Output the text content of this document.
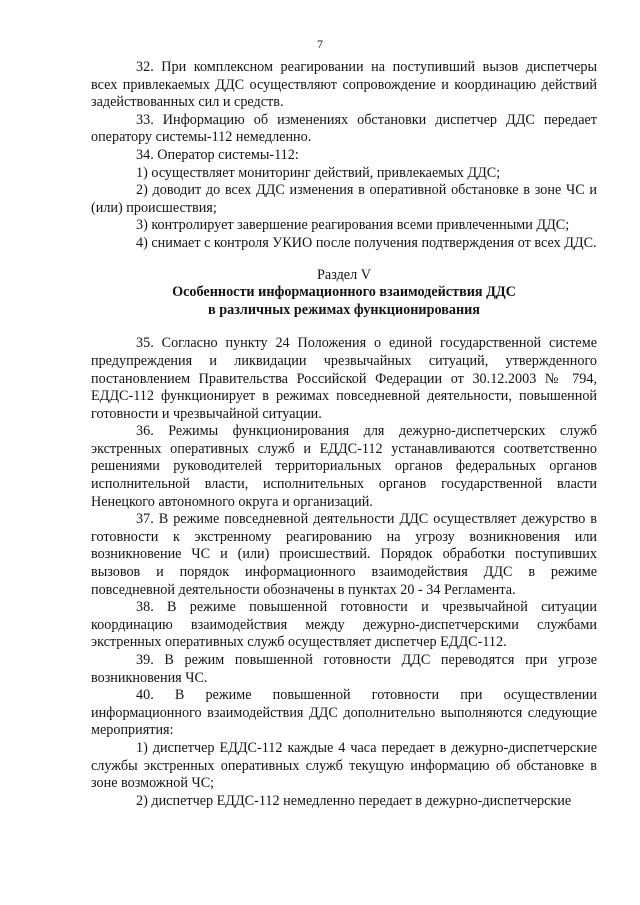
7

32. При комплексном реагировании на поступивший вызов диспетчеры всех привлекаемых ДДС осуществляют сопровождение и координацию действий задействованных сил и средств.

33. Информацию об изменениях обстановки диспетчер ДДС передает оператору системы-112 немедленно.

34. Оператор системы-112:

1) осуществляет мониторинг действий, привлекаемых ДДС;

2) доводит до всех ДДС изменения в оперативной обстановке в зоне ЧС и (или) происшествия;

3) контролирует завершение реагирования всеми привлеченными ДДС;

4) снимает с контроля УКИО после получения подтверждения от всех ДДС.

Раздел V

Особенности информационного взаимодействия ДДС

в различных режимах функционирования

35. Согласно пункту 24 Положения о единой государственной системе предупреждения и ликвидации чрезвычайных ситуаций, утвержденного постановлением Правительства Российской Федерации от 30.12.2003 № 794, ЕДДС-112 функционирует в режимах повседневной деятельности, повышенной готовности и чрезвычайной ситуации.

36. Режимы функционирования для дежурно-диспетчерских служб экстренных оперативных служб и ЕДДС-112 устанавливаются соответственно решениями руководителей территориальных органов федеральных органов исполнительной власти, исполнительных органов государственной власти Ненецкого автономного округа и организаций.

37. В режиме повседневной деятельности ДДС осуществляет дежурство в готовности к экстренному реагированию на угрозу возникновения или возникновение ЧС и (или) происшествий. Порядок обработки поступивших вызовов и порядок информационного взаимодействия ДДС в режиме повседневной деятельности обозначены в пунктах 20 - 34 Регламента.

38. В режиме повышенной готовности и чрезвычайной ситуации координацию взаимодействия между дежурно-диспетчерскими службами экстренных оперативных служб осуществляет диспетчер ЕДДС-112.

39. В режим повышенной готовности ДДС переводятся при угрозе возникновения ЧС.

40. В режиме повышенной готовности при осуществлении информационного взаимодействия ДДС дополнительно выполняются следующие мероприятия:

1) диспетчер ЕДДС-112 каждые 4 часа передает в дежурно-диспетчерские службы экстренных оперативных служб текущую информацию об обстановке в зоне возможной ЧС;

2) диспетчер ЕДДС-112 немедленно передает в дежурно-диспетчерские
